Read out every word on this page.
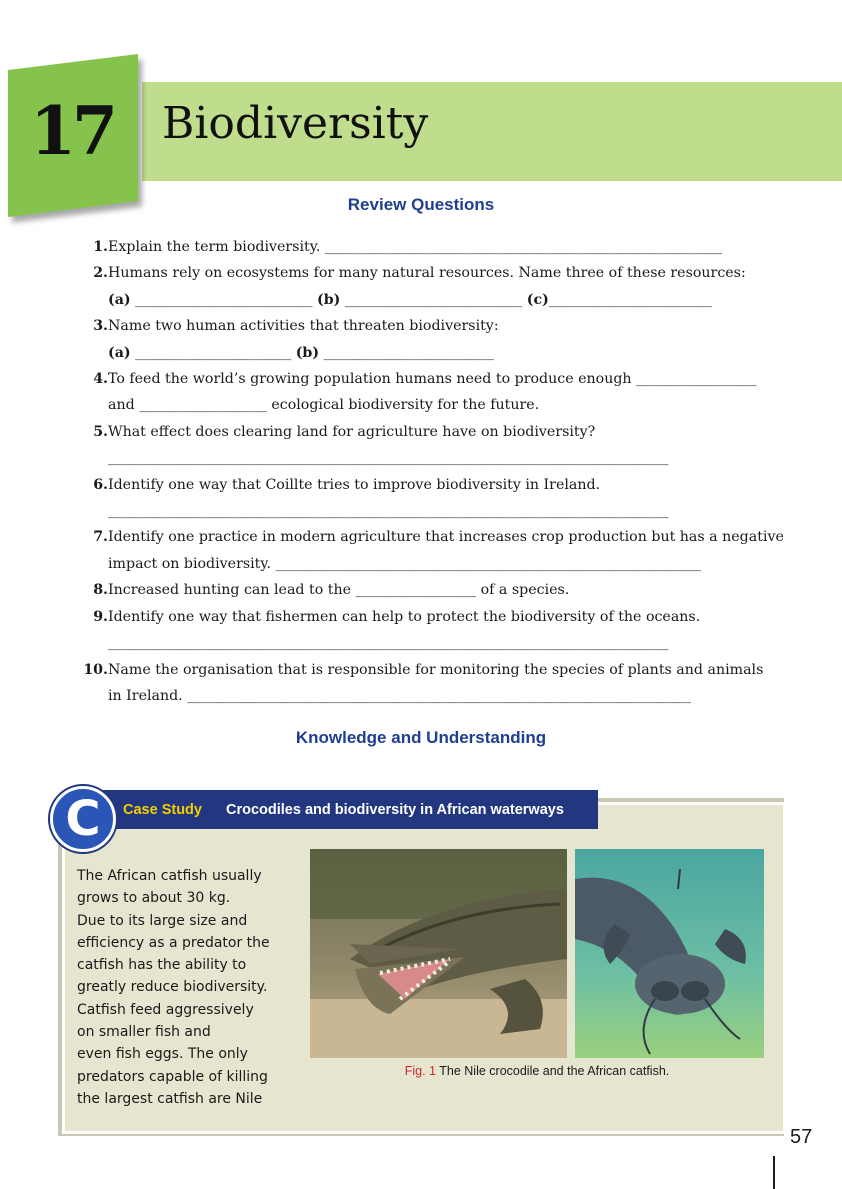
17	Biodiversity
Review Questions
1. Explain the term biodiversity. ________________________________________________________
2. Humans rely on ecosystems for many natural resources. Name three of these resources:
(a) _________________________ (b) _________________________ (c)_______________________
3. Name two human activities that threaten biodiversity:
(a) ______________________ (b) ________________________
4. To feed the world’s growing population humans need to produce enough _________________
and __________________ ecological biodiversity for the future.
5. What effect does clearing land for agriculture have on biodiversity?
_______________________________________________________________________________
6. Identify one way that Coillte tries to improve biodiversity in Ireland.
_______________________________________________________________________________
7. Identify one practice in modern agriculture that increases crop production but has a negative
impact on biodiversity. ____________________________________________________________
8. Increased hunting can lead to the _________________ of a species.
9. Identify one way that fishermen can help to protect the biodiversity of the oceans.
_______________________________________________________________________________
10. Name the organisation that is responsible for monitoring the species of plants and animals
in Ireland. _______________________________________________________________________
Knowledge and Understanding
C	Case Study Crocodiles and biodiversity in African waterways
The African catfish usually
grows to about 30 kg.
Due to its large size and
efficiency as a predator the
catfish has the ability to
greatly reduce biodiversity.
Catfish feed aggressively
on smaller fish and
even fish eggs. The only
predators capable of killing
the largest catfish are Nile
Fig. 1 The Nile crocodile and the African catfish.
57
